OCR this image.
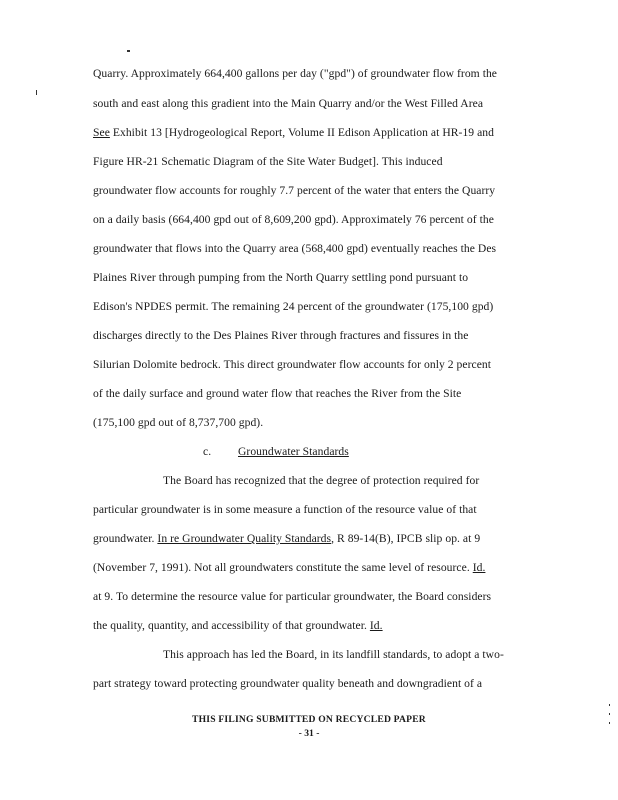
Quarry. Approximately 664,400 gallons per day ("gpd") of groundwater flow from the
south and east along this gradient into the Main Quarry and/or the West Filled Area
See Exhibit 13 [Hydrogeological Report, Volume II Edison Application at HR-19 and
Figure HR-21 Schematic Diagram of the Site Water Budget]. This induced
groundwater flow accounts for roughly 7.7 percent of the water that enters the Quarry
on a daily basis (664,400 gpd out of 8,609,200 gpd). Approximately 76 percent of the
groundwater that flows into the Quarry area (568,400 gpd) eventually reaches the Des
Plaines River through pumping from the North Quarry settling pond pursuant to
Edison's NPDES permit. The remaining 24 percent of the groundwater (175,100 gpd)
discharges directly to the Des Plaines River through fractures and fissures in the
Silurian Dolomite bedrock. This direct groundwater flow accounts for only 2 percent
of the daily surface and ground water flow that reaches the River from the Site
(175,100 gpd out of 8,737,700 gpd).
c. Groundwater Standards
The Board has recognized that the degree of protection required for
particular groundwater is in some measure a function of the resource value of that
groundwater. In re Groundwater Quality Standards, R 89-14(B), IPCB slip op. at 9
(November 7, 1991). Not all groundwaters constitute the same level of resource. Id.
at 9. To determine the resource value for particular groundwater, the Board considers
the quality, quantity, and accessibility of that groundwater. Id.
This approach has led the Board, in its landfill standards, to adopt a two-
part strategy toward protecting groundwater quality beneath and downgradient of a
THIS FILING SUBMITTED ON RECYCLED PAPER
- 31 -
